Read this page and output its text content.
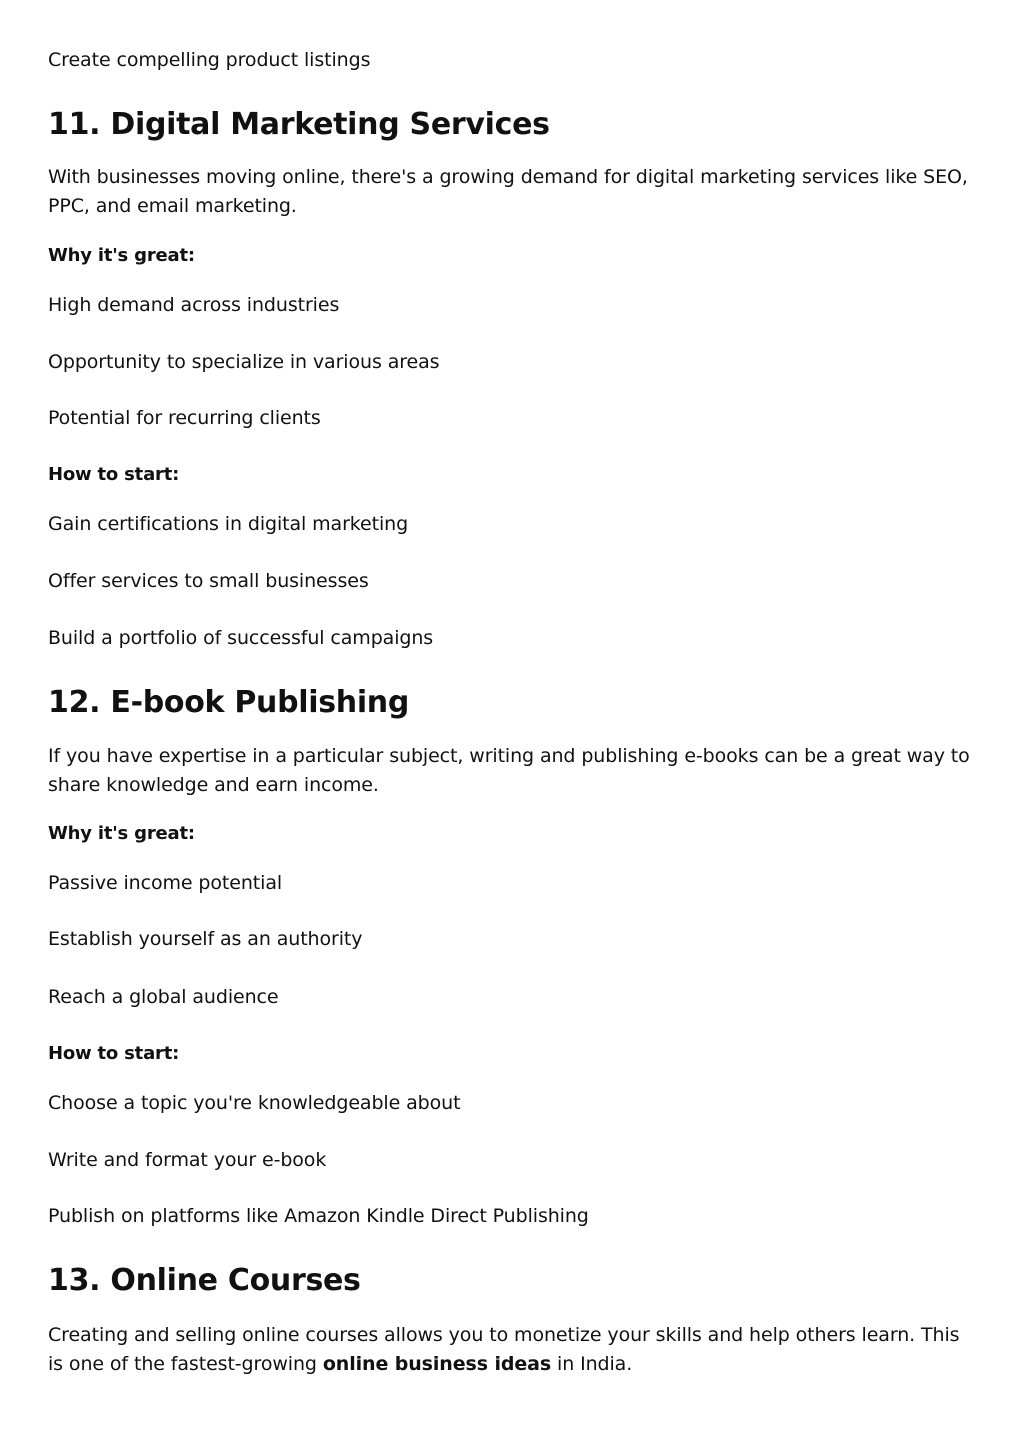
Create compelling product listings

11. Digital Marketing Services

With businesses moving online, there's a growing demand for digital marketing services like SEO, PPC, and email marketing.

Why it's great:

High demand across industries

Opportunity to specialize in various areas

Potential for recurring clients

How to start:

Gain certifications in digital marketing

Offer services to small businesses

Build a portfolio of successful campaigns

12. E-book Publishing

If you have expertise in a particular subject, writing and publishing e-books can be a great way to share knowledge and earn income.

Why it's great:

Passive income potential

Establish yourself as an authority

Reach a global audience

How to start:

Choose a topic you're knowledgeable about

Write and format your e-book

Publish on platforms like Amazon Kindle Direct Publishing

13. Online Courses

Creating and selling online courses allows you to monetize your skills and help others learn. This is one of the fastest-growing online business ideas in India.
